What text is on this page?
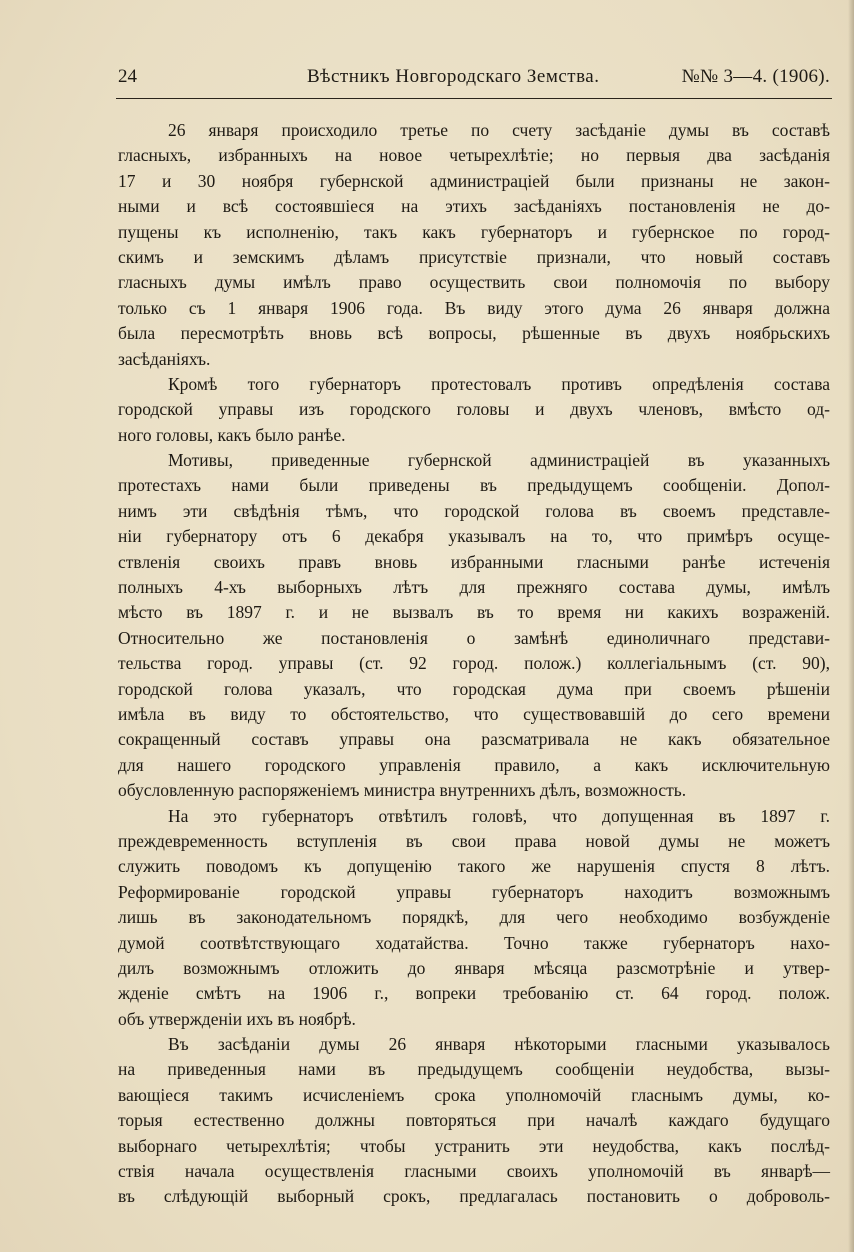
24	Вѣстникъ Новгородскаго Земства.	№№ 3—4. (1906).
26 января происходило третье по счету засѣданіе думы въ составѣ
гласныхъ, избранныхъ на новое четырехлѣтіе; но первыя два засѣданія
17 и 30 ноября губернской администраціей были признаны не закон-
ными и всѣ состоявшіеся на этихъ засѣданіяхъ постановленія не до-
пущены къ исполненію, такъ какъ губернаторъ и губернское по город-
скимъ и земскимъ дѣламъ присутствіе признали, что новый составъ
гласныхъ думы имѣлъ право осуществить свои полномочія по выбору
только съ 1 января 1906 года. Въ виду этого дума 26 января должна
была пересмотрѣть вновь всѣ вопросы, рѣшенные въ двухъ ноябрьскихъ
засѣданіяхъ.
Кромѣ того губернаторъ протестовалъ противъ опредѣленія состава
городской управы изъ городского головы и двухъ членовъ, вмѣсто од-
ного головы, какъ было ранѣе.
Мотивы, приведенные губернской администраціей въ указанныхъ
протестахъ нами были приведены въ предыдущемъ сообщеніи. Допол-
нимъ эти свѣдѣнія тѣмъ, что городской голова въ своемъ представле-
ніи губернатору отъ 6 декабря указывалъ на то, что примѣръ осуще-
ствленія своихъ правъ вновь избранными гласными ранѣе истеченія
полныхъ 4-хъ выборныхъ лѣтъ для прежняго состава думы, имѣлъ
мѣсто въ 1897 г. и не вызвалъ въ то время ни какихъ возраженій.
Относительно же постановленія о замѣнѣ единоличнаго представи-
тельства город. управы (ст. 92 город. полож.) коллегіальнымъ (ст. 90),
городской голова указалъ, что городская дума при своемъ рѣшеніи
имѣла въ виду то обстоятельство, что существовавшій до сего времени
сокращенный составъ управы она разсматривала не какъ обязательное
для нашего городского управленія правило, а какъ исключительную
обусловленную распоряженіемъ министра внутреннихъ дѣлъ, возможность.
На это губернаторъ отвѣтилъ головѣ, что допущенная въ 1897 г.
преждевременность вступленія въ свои права новой думы не можетъ
служить поводомъ къ допущенію такого же нарушенія спустя 8 лѣтъ.
Реформированіе городской управы губернаторъ находитъ возможнымъ
лишь въ законодательномъ порядкѣ, для чего необходимо возбужденіе
думой соотвѣтствующаго ходатайства. Точно также губернаторъ нахо-
дилъ возможнымъ отложить до января мѣсяца разсмотрѣніе и утвер-
жденіе смѣтъ на 1906 г., вопреки требованію ст. 64 город. полож.
объ утвержденіи ихъ въ ноябрѣ.
Въ засѣданіи думы 26 января нѣкоторыми гласными указывалось
на приведенныя нами въ предыдущемъ сообщеніи неудобства, вызы-
вающіеся такимъ исчисленіемъ срока уполномочій гласнымъ думы, ко-
торыя естественно должны повторяться при началѣ каждаго будущаго
выборнаго четырехлѣтія; чтобы устранить эти неудобства, какъ послѣд-
ствія начала осуществленія гласными своихъ уполномочій въ январѣ—
въ слѣдующій выборный срокъ, предлагалась постановить о доброволь-
